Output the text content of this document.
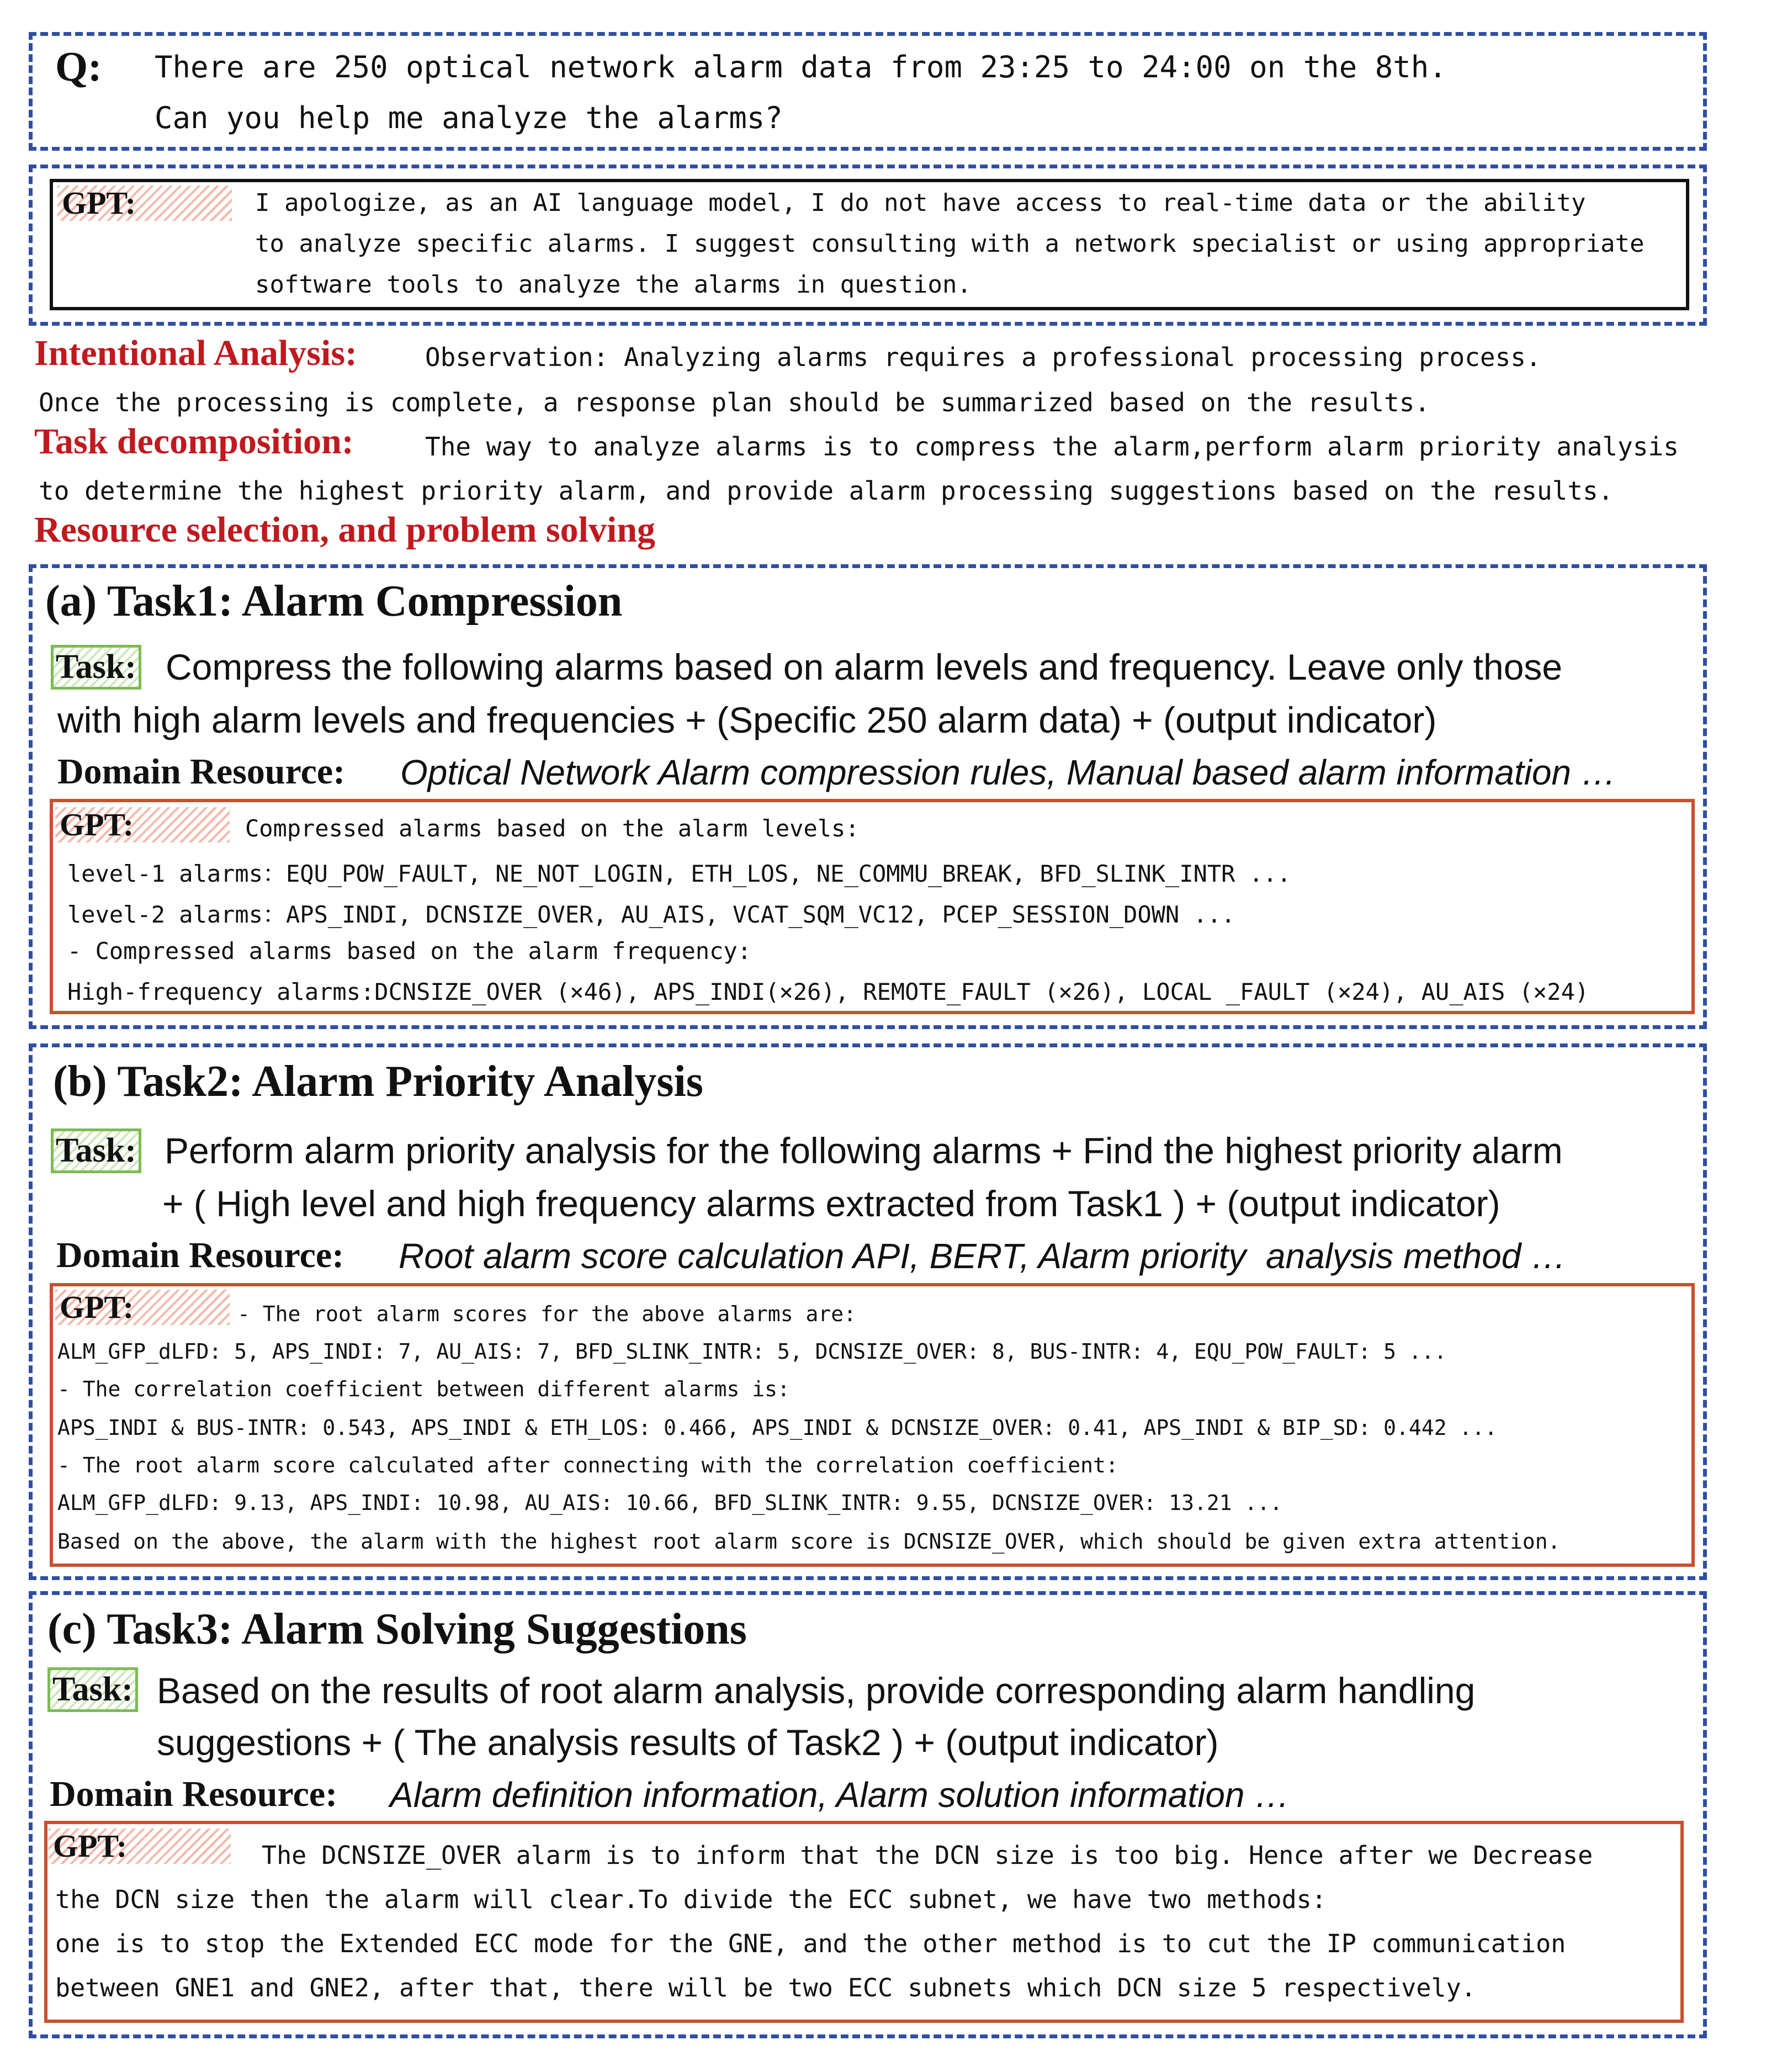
Q: There are 250 optical network alarm data from 23:25 to 24:00 on the 8th.
Can you help me analyze the alarms?
GPT:	I apologize, as an AI language model, I do not have access to real-time data or the ability
to analyze specific alarms. I suggest consulting with a network specialist or using appropriate
software tools to analyze the alarms in question.
Intentional Analysis:	Observation: Analyzing alarms requires a professional processing process.
Once the processing is complete, a response plan should be summarized based on the results.
Task decomposition:	The way to analyze alarms is to compress the alarm,perform alarm priority analysis
to determine the highest priority alarm, and provide alarm processing suggestions based on the results.
Resource selection, and problem solving
(a) Task1: Alarm Compression
Task: Compress the following alarms based on alarm levels and frequency. Leave only those
with high alarm levels and frequencies + (Specific 250 alarm data) + (output indicator)
Domain Resource: Optical Network Alarm compression rules, Manual based alarm information …
GPT:	Compressed alarms based on the alarm levels:
level-1 alarms：EQU_POW_FAULT, NE_NOT_LOGIN, ETH_LOS, NE_COMMU_BREAK, BFD_SLINK_INTR ...
level-2 alarms：APS_INDI, DCNSIZE_OVER, AU_AIS, VCAT_SQM_VC12, PCEP_SESSION_DOWN ...
- Compressed alarms based on the alarm frequency:
High-frequency alarms:DCNSIZE_OVER (×46), APS_INDI(×26), REMOTE_FAULT (×26), LOCAL _FAULT (×24), AU_AIS (×24)
(b) Task2: Alarm Priority Analysis
Task: Perform alarm priority analysis for the following alarms + Find the highest priority alarm
+ ( High level and high frequency alarms extracted from Task1 ) + (output indicator)
Domain Resource: Root alarm score calculation API, BERT, Alarm priority  analysis method …
GPT:	- The root alarm scores for the above alarms are:
ALM_GFP_dLFD: 5, APS_INDI: 7, AU_AIS: 7, BFD_SLINK_INTR: 5, DCNSIZE_OVER: 8, BUS-INTR: 4, EQU_POW_FAULT: 5 ...
- The correlation coefficient between different alarms is:
APS_INDI & BUS-INTR: 0.543, APS_INDI & ETH_LOS: 0.466, APS_INDI & DCNSIZE_OVER: 0.41, APS_INDI & BIP_SD: 0.442 ...
- The root alarm score calculated after connecting with the correlation coefficient:
ALM_GFP_dLFD: 9.13, APS_INDI: 10.98, AU_AIS: 10.66, BFD_SLINK_INTR: 9.55, DCNSIZE_OVER: 13.21 ...
Based on the above, the alarm with the highest root alarm score is DCNSIZE_OVER, which should be given extra attention.
(c) Task3: Alarm Solving Suggestions
Task: Based on the results of root alarm analysis, provide corresponding alarm handling
suggestions + ( The analysis results of Task2 ) + (output indicator)
Domain Resource: Alarm definition information, Alarm solution information …
GPT:	The DCNSIZE_OVER alarm is to inform that the DCN size is too big. Hence after we Decrease
the DCN size then the alarm will clear.To divide the ECC subnet, we have two methods:
one is to stop the Extended ECC mode for the GNE, and the other method is to cut the IP communication
between GNE1 and GNE2, after that, there will be two ECC subnets which DCN size 5 respectively.
